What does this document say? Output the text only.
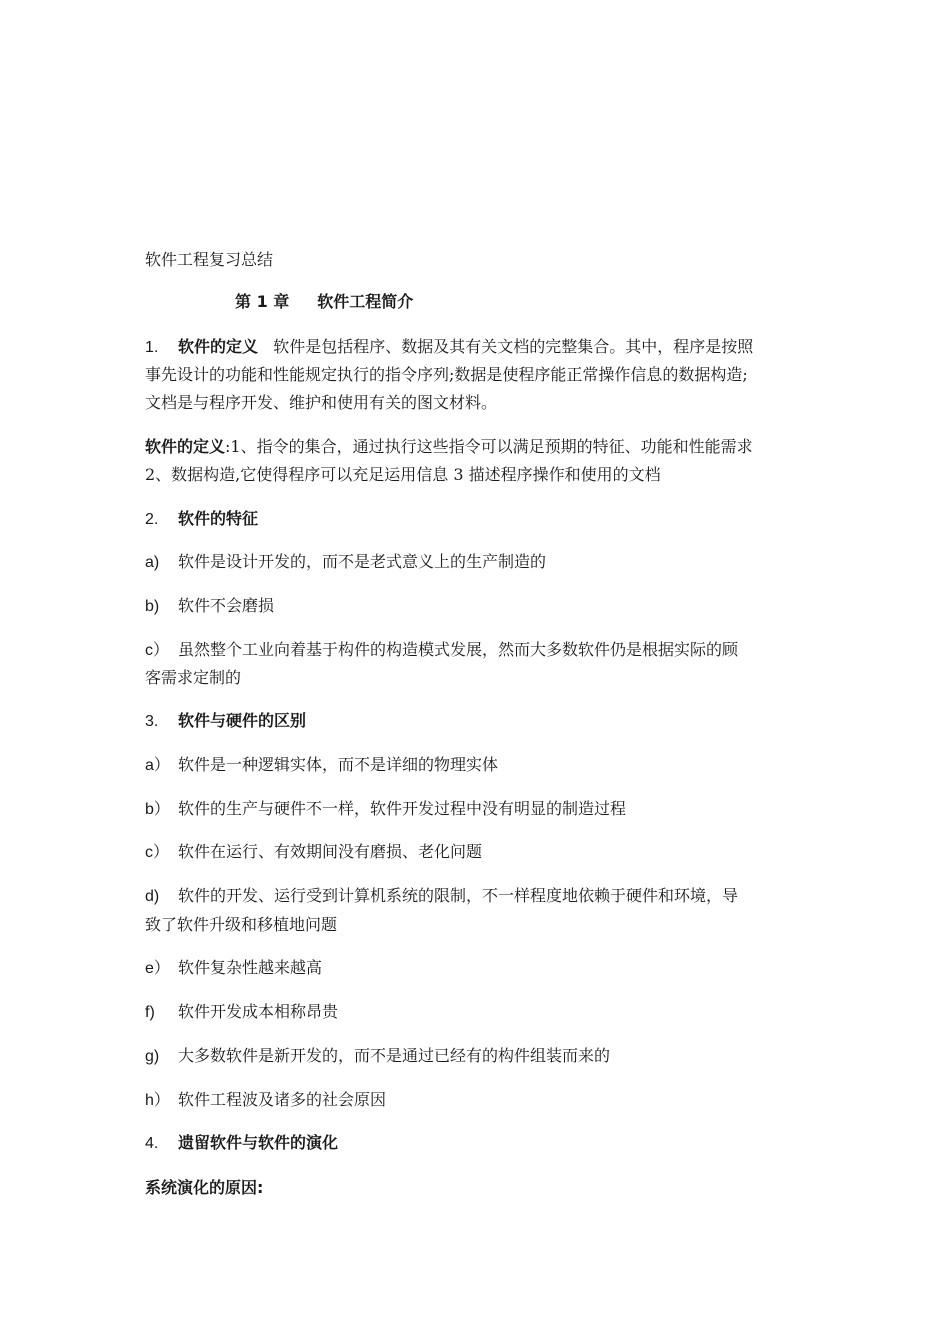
软件工程复习总结
第 1 章 软件工程简介
1. 软件的定义 软件是包括程序、数据及其有关文档的完整集合。其中，程序是按照
事先设计的功能和性能规定执行的指令序列;数据是使程序能正常操作信息的数据构造;
文档是与程序开发、维护和使用有关的图文材料。
软件的定义:1、指令的集合，通过执行这些指令可以满足预期的特征、功能和性能需求
2、数据构造,它使得程序可以充足运用信息 3 描述程序操作和使用的文档
2. 软件的特征
a) 软件是设计开发的，而不是老式意义上的生产制造的
b) 软件不会磨损
c） 虽然整个工业向着基于构件的构造模式发展，然而大多数软件仍是根据实际的顾
客需求定制的
3. 软件与硬件的区别
a） 软件是一种逻辑实体，而不是详细的物理实体
b） 软件的生产与硬件不一样，软件开发过程中没有明显的制造过程
c） 软件在运行、有效期间没有磨损、老化问题
d) 软件的开发、运行受到计算机系统的限制，不一样程度地依赖于硬件和环境，导
致了软件升级和移植地问题
e） 软件复杂性越来越高
f) 软件开发成本相称昂贵
g) 大多数软件是新开发的，而不是通过已经有的构件组装而来的
h） 软件工程波及诸多的社会原因
4. 遗留软件与软件的演化
系统演化的原因:
